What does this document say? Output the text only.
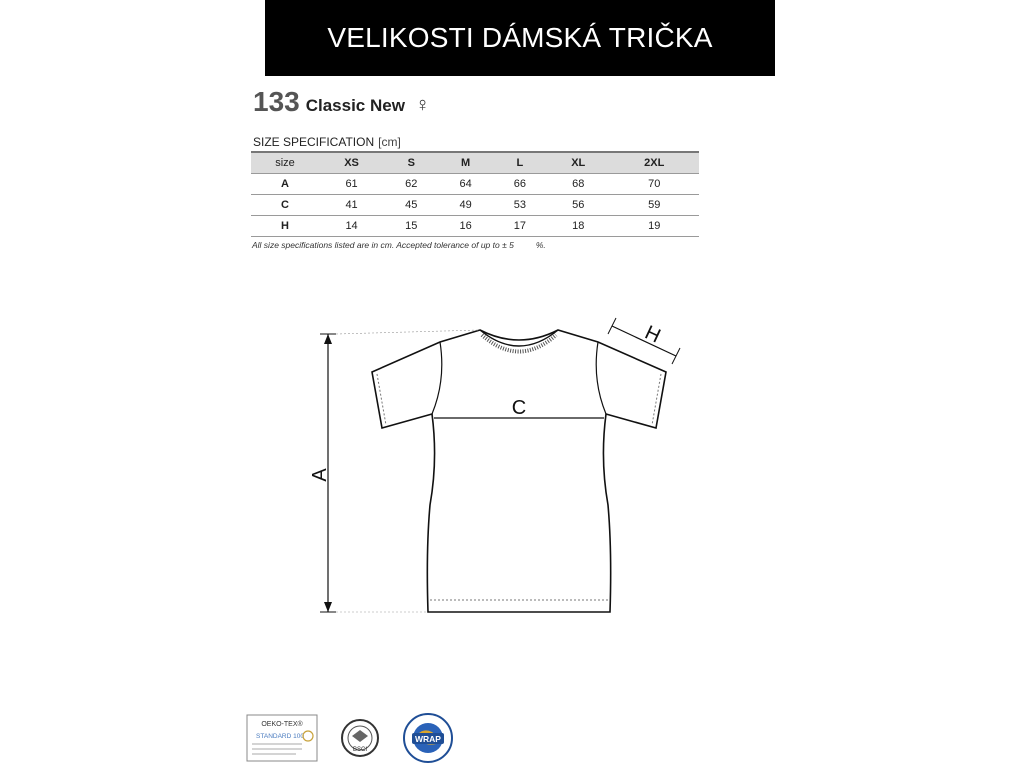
VELIKOSTI DÁMSKÁ TRIČKA
133 Classic New ♀
SIZE SPECIFICATION [cm]
size	XS	S	M	L	XL	2XL
A	61	62	64	66	68	70
C	41	45	49	53	56	59
H	14	15	16	17	18	19
All size specifications listed are in cm. Accepted tolerance of up to ± 5	%.
C
A
H
OEKO-TEX®
STANDARD 100
BSCI
WRAP
